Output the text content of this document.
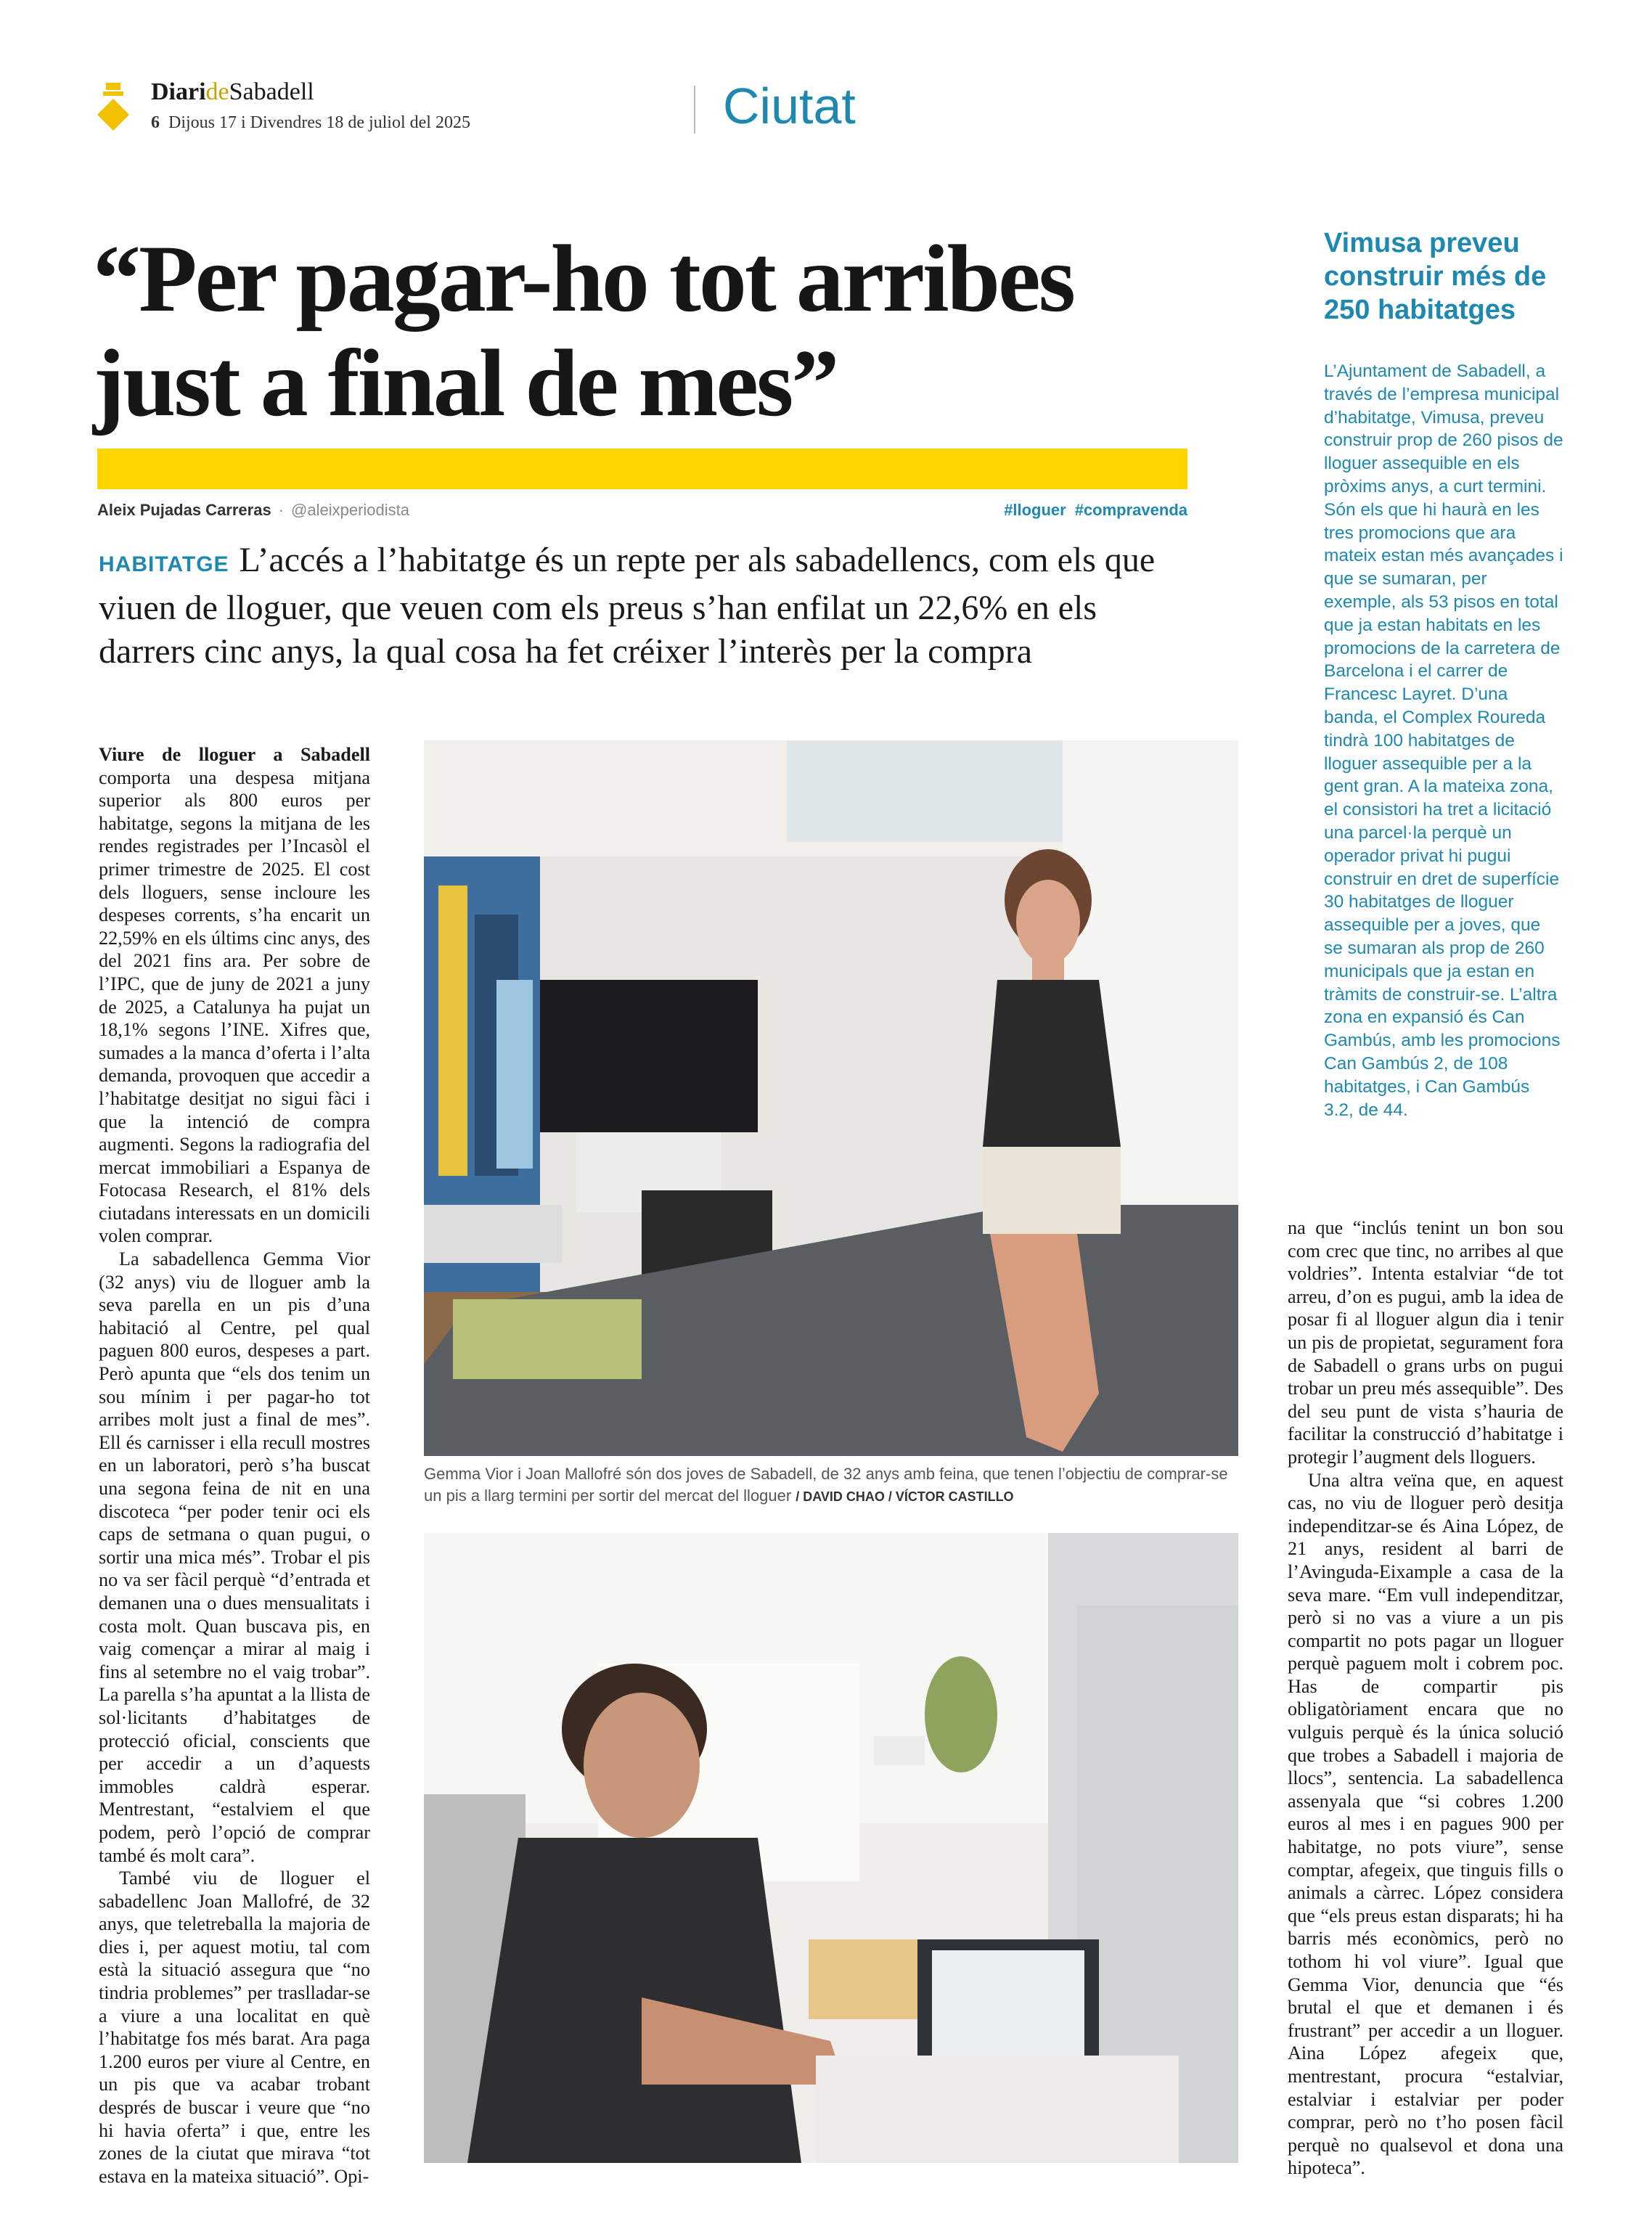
DiarideSabadell
6 Dijous 17 i Divendres 18 de juliol del 2025	Ciutat
“Per pagar-ho tot arribes
just a final de mes”
Aleix Pujadas Carreras · @aleixperiodista	#lloguer #compravenda
HABITATGE L’accés a l’habitatge és un repte per als sabadellencs, com els que viuen de lloguer, que veuen com els preus s’han enfilat un 22,6% en els darrers cinc anys, la qual cosa ha fet créixer l’interès per la compra
Vimusa preveu construir més de 250 habitatges
L’Ajuntament de Sabadell, a través de l’empresa municipal d’habitatge, Vimusa, preveu construir prop de 260 pisos de lloguer assequible en els pròxims anys, a curt termini. Són els que hi haurà en les tres promocions que ara mateix estan més avançades i que se sumaran, per exemple, als 53 pisos en total que ja estan habitats en les promocions de la carretera de Barcelona i el carrer de Francesc Layret. D’una banda, el Complex Roureda tindrà 100 habitatges de lloguer assequible per a la gent gran. A la mateixa zona, el consistori ha tret a licitació una parcel·la perquè un operador privat hi pugui construir en dret de superfície 30 habitatges de lloguer assequible per a joves, que se sumaran als prop de 260 municipals que ja estan en tràmits de construir-se. L’altra zona en expansió és Can Gambús, amb les promocions Can Gambús 2, de 108 habitatges, i Can Gambús 3.2, de 44.

Viure de lloguer a Sabadell comporta una despesa mitjana superior als 800 euros per habitatge, segons la mitjana de les rendes registrades per l’Incasòl el primer trimestre de 2025. El cost dels lloguers, sense incloure les despeses corrents, s’ha encarit un 22,59% en els últims cinc anys, des del 2021 fins ara. Per sobre de l’IPC, que de juny de 2021 a juny de 2025, a Catalunya ha pujat un 18,1% segons l’INE. Xifres que, sumades a la manca d’oferta i l’alta demanda, provoquen que accedir a l’habitatge desitjat no sigui fàci i que la intenció de compra augmenti. Segons la radiografia del mercat immobiliari a Espanya de Fotocasa Research, el 81% dels ciutadans interessats en un domicili volen comprar.

La sabadellenca Gemma Vior (32 anys) viu de lloguer amb la seva parella en un pis d’una habitació al Centre, pel qual paguen 800 euros, despeses a part. Però apunta que “els dos tenim un sou mínim i per pagar-ho tot arribes molt just a final de mes”. Ell és carnisser i ella recull mostres en un laboratori, però s’ha buscat una segona feina de nit en una discoteca “per poder tenir oci els caps de setmana o quan pugui, o sortir una mica més”. Trobar el pis no va ser fàcil perquè “d’entrada et demanen una o dues mensualitats i costa molt. Quan buscava pis, en vaig començar a mirar al maig i fins al setembre no el vaig trobar”. La parella s’ha apuntat a la llista de sol·licitants d’habitatges de protecció oficial, conscients que per accedir a un d’aquests immobles caldrà esperar. Mentrestant, “estalviem el que podem, però l’opció de comprar també és molt cara”.

També viu de lloguer el sabadellenc Joan Mallofré, de 32 anys, que teletreballa la majoria de dies i, per aquest motiu, tal com està la situació assegura que “no tindria problemes” per traslladar-se a viure a una localitat en què l’habitatge fos més barat. Ara paga 1.200 euros per viure al Centre, en un pis que va acabar trobant després de buscar i veure que “no hi havia oferta” i que, entre les zones de la ciutat que mirava “tot estava en la mateixa situació”. Opi-

Gemma Vior i Joan Mallofré són dos joves de Sabadell, de 32 anys amb feina, que tenen l’objectiu de comprar-se un pis a llarg termini per sortir del mercat del lloguer / DAVID CHAO / VÍCTOR CASTILLO

na que “inclús tenint un bon sou com crec que tinc, no arribes al que voldries”. Intenta estalviar “de tot arreu, d’on es pugui, amb la idea de posar fi al lloguer algun dia i tenir un pis de propietat, segurament fora de Sabadell o grans urbs on pugui trobar un preu més assequible”. Des del seu punt de vista s’hauria de facilitar la construcció d’habitatge i protegir l’augment dels lloguers.

Una altra veïna que, en aquest cas, no viu de lloguer però desitja independitzar-se és Aina López, de 21 anys, resident al barri de l’Avinguda-Eixample a casa de la seva mare. “Em vull independitzar, però si no vas a viure a un pis compartit no pots pagar un lloguer perquè paguem molt i cobrem poc. Has de compartir pis obligatòriament encara que no vulguis perquè és la única solució que trobes a Sabadell i majoria de llocs”, sentencia. La sabadellenca assenyala que “si cobres 1.200 euros al mes i en pagues 900 per habitatge, no pots viure”, sense comptar, afegeix, que tinguis fills o animals a càrrec. López considera que “els preus estan disparats; hi ha barris més econòmics, però no tothom hi vol viure”. Igual que Gemma Vior, denuncia que “és brutal el que et demanen i és frustrant” per accedir a un lloguer. Aina López afegeix que, mentrestant, procura “estalviar, estalviar i estalviar per poder comprar, però no t’ho posen fàcil perquè no qualsevol et dona una hipoteca”.
